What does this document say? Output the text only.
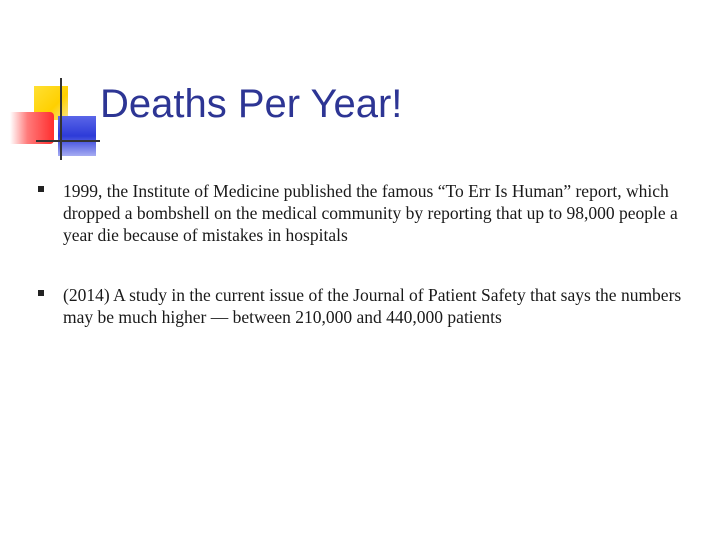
Deaths Per Year!
1999, the Institute of Medicine published the famous “To Err Is Human” report, which dropped a bombshell on the medical community by reporting that up to 98,000 people a year die because of mistakes in hospitals
(2014) A study in the current issue of the Journal of Patient Safety that says the numbers may be much higher — between 210,000 and 440,000 patients
